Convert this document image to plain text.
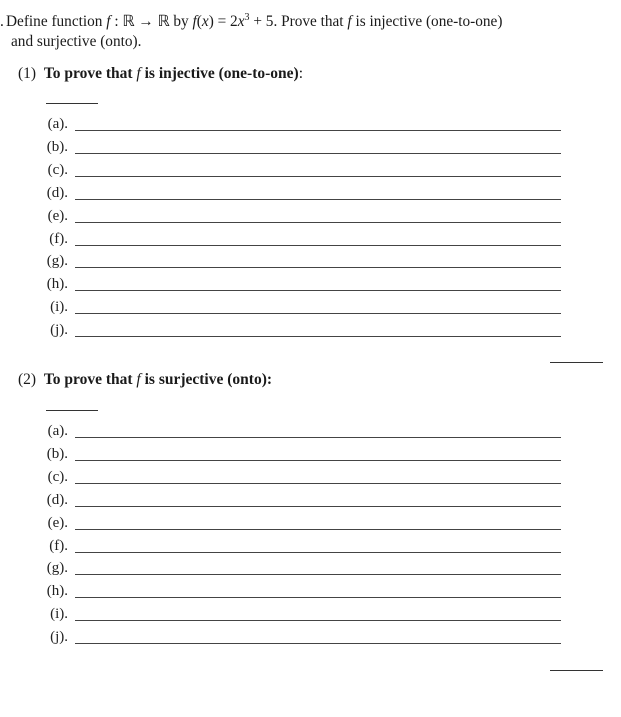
. Define function f : ℝ → ℝ by $f(x) = 2x^3 + 5$. Prove that f is injective (one-to-one)
and surjective (onto).
(1) To prove that f is injective (one-to-one):
(a).
(b).
(c).
(d).
(e).
(f).
(g).
(h).
(i).
(j).
(2) To prove that f is surjective (onto):
(a).
(b).
(c).
(d).
(e).
(f).
(g).
(h).
(i).
(j).
